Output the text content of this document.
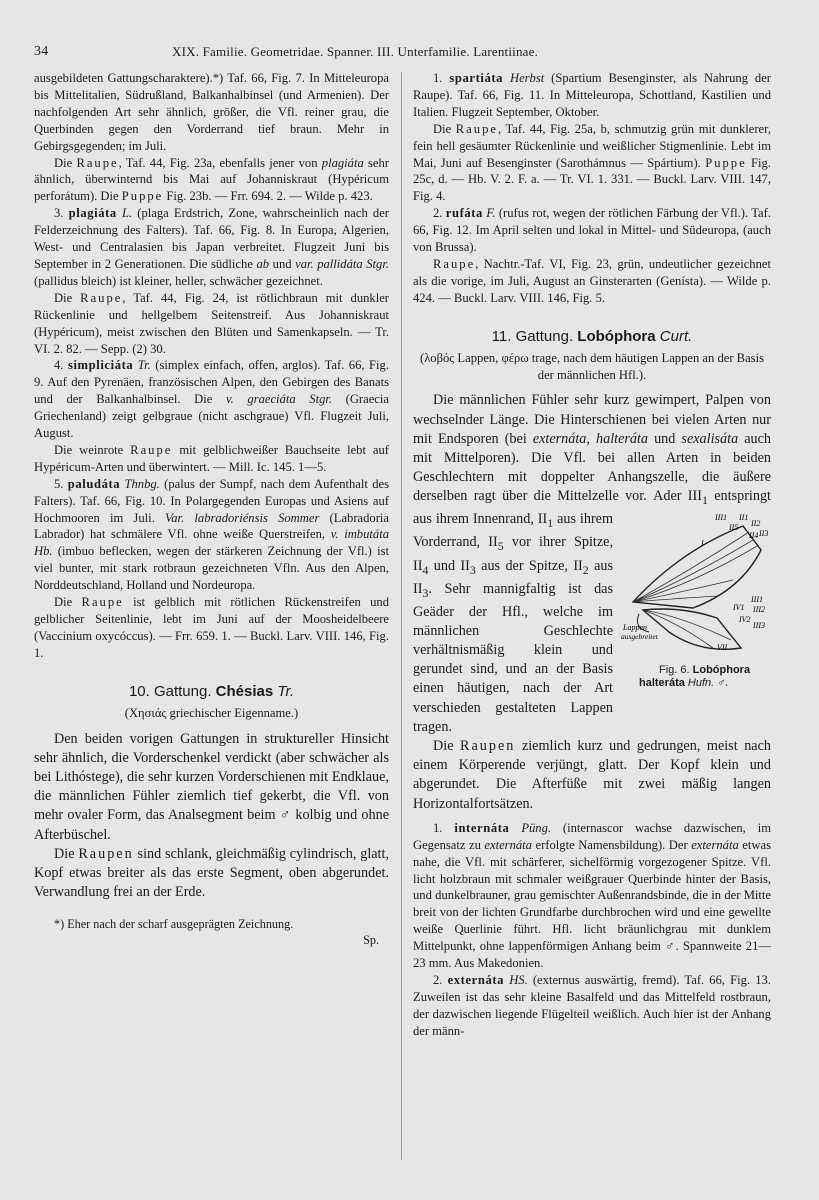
34	XIX. Familie. Geometridae. Spanner. III. Unterfamilie. Larentiinae.

ausgebildeten Gattungscharaktere).*) Taf. 66, Fig. 7. In Mitteleuropa bis Mittelitalien, Südrußland, Balkanhalbinsel (und Armenien). Der nachfolgenden Art sehr ähnlich, größer, die Vfl. reiner grau, die Querbinden gegen den Vorderrand tief braun. Mehr in Gebirgsgegenden; im Juli.

Die Raupe, Taf. 44, Fig. 23a, ebenfalls jener von plagiáta sehr ähnlich, überwinternd bis Mai auf Johanniskraut (Hypéricum perforátum). Die Puppe Fig. 23b. — Frr. 694. 2. — Wilde p. 423.

3. plagiáta L. (plaga Erdstrich, Zone, wahrscheinlich nach der Felderzeichnung des Falters). Taf. 66, Fig. 8. In Europa, Algerien, West- und Centralasien bis Japan verbreitet. Flugzeit Juni bis September in 2 Generationen. Die südliche ab und var. pallidáta Stgr. (pallidus bleich) ist kleiner, heller, schwächer gezeichnet.

Die Raupe, Taf. 44, Fig. 24, ist rötlichbraun mit dunkler Rückenlinie und hellgelbem Seitenstreif. Aus Johanniskraut (Hypéricum), meist zwischen den Blüten und Samenkapseln. — Tr. VI. 2. 82. — Sepp. (2) 30.

4. simpliciáta Tr. (simplex einfach, offen, arglos). Taf. 66, Fig. 9. Auf den Pyrenäen, französischen Alpen, den Gebirgen des Banats und der Balkanhalbinsel. Die v. graeciáta Stgr. (Graecia Griechenland) zeigt gelbgraue (nicht aschgraue) Vfl. Flugzeit Juli, August.

Die weinrote Raupe mit gelblichweißer Bauchseite lebt auf Hypéricum-Arten und überwintert. — Mill. Ic. 145. 1—5.

5. paludáta Thnbg. (palus der Sumpf, nach dem Aufenthalt des Falters). Taf. 66, Fig. 10. In Polargegenden Europas und Asiens auf Hochmooren im Juli. Var. labradoriénsis Sommer (Labradoria Labrador) hat schmälere Vfl. ohne weiße Querstreifen, v. imbutáta Hb. (imbuo beflecken, wegen der stärkeren Zeichnung der Vfl.) ist viel bunter, mit stark rotbraun gezeichneten Vfln. Aus den Alpen, Norddeutschland, Holland und Nordeuropa.

Die Raupe ist gelblich mit rötlichen Rückenstreifen und gelblicher Seitenlinie, lebt im Juni auf der Moosheidelbeere (Vaccinium oxycóccus). — Frr. 659. 1. — Buckl. Larv. VIII. 146, Fig. 1.

10. Gattung. Chésias Tr.
(Χησιάς griechischer Eigenname.)

Den beiden vorigen Gattungen in struktureller Hinsicht sehr ähnlich, die Vorderschenkel verdickt (aber schwächer als bei Lithóstege), die sehr kurzen Vorderschienen mit Endklaue, die männlichen Fühler ziemlich tief gekerbt, die Vfl. von mehr ovaler Form, das Analsegment beim ♂ kolbig und ohne Afterbüschel.

Die Raupen sind schlank, gleichmäßig cylindrisch, glatt, Kopf etwas breiter als das erste Segment, oben abgerundet. Verwandlung frei an der Erde.

*) Eher nach der scharf ausgeprägten Zeichnung.

Sp.

1. spartiáta Herbst (Spartium Besenginster, als Nahrung der Raupe). Taf. 66, Fig. 11. In Mitteleuropa, Schottland, Kastilien und Italien. Flugzeit September, Oktober.

Die Raupe, Taf. 44, Fig. 25a, b, schmutzig grün mit dunklerer, fein hell gesäumter Rückenlinie und weißlicher Stigmenlinie. Lebt im Mai, Juni auf Besenginster (Sarothámnus — Spártium). Puppe Fig. 25c, d. — Hb. V. 2. F. a. — Tr. VI. 1. 331. — Buckl. Larv. VIII. 147, Fig. 4.

2. rufáta F. (rufus rot, wegen der rötlichen Färbung der Vfl.). Taf. 66, Fig. 12. Im April selten und lokal in Mittel- und Südeuropa, (auch von Brussa).

Raupe, Nachtr.-Taf. VI, Fig. 23, grün, undeutlicher gezeichnet als die vorige, im Juli, August an Ginsterarten (Genísta). — Wilde p. 424. — Buckl. Larv. VIII. 146, Fig. 5.

11. Gattung. Lobóphora Curt.
(λοβός Lappen, φέρω trage, nach dem häutigen Lappen an der Basis der männlichen Hfl.).

Die männlichen Fühler sehr kurz gewimpert, Palpen von wechselnder Länge. Die Hinterschienen bei vielen Arten nur mit Endsporen (bei externáta, halteráta und sexalisáta auch mit Mittelporen). Die Vfl. bei allen Arten in beiden Geschlechtern mit doppelter Anhangszelle, die äußere derselben ragt über die Mittelzelle vor.
III1 II1
II2
II3
II4
II5
I
IV1
IV2
VII
III1
III2
III3
Lappen
ausgebreitet
Fig. 6. Lobóphora
halteráta Hufn. ♂.
Ader $III_1$ entspringt aus ihrem Innenrand, $II_1$ aus ihrem Vorderrand, $II_5$ vor ihrer Spitze, $II_4$ und $II_3$ aus der Spitze, $II_2$ aus $II_3$. Sehr mannigfaltig ist das Geäder der Hfl., welche im männlichen Geschlechte verhältnismäßig klein und gerundet sind, und an der Basis einen häutigen, nach der Art verschieden gestalteten Lappen tragen.

Die Raupen ziemlich kurz und gedrungen, meist nach einem Körperende verjüngt, glatt. Der Kopf klein und abgerundet. Die Afterfüße mit zwei mäßig langen Horizontalfortsätzen.

1. internáta Püng. (internascor wachse dazwischen, im Gegensatz zu externáta erfolgte Namensbildung). Der externáta etwas nahe, die Vfl. mit schärferer, sichelförmig vorgezogener Spitze. Vfl. licht holzbraun mit schmaler weißgrauer Querbinde hinter der Basis, und dunkelbrauner, grau gemischter Außenrandsbinde, die in der Mitte breit von der lichten Grundfarbe durchbrochen wird und eine gewellte weiße Querlinie führt. Hfl. licht bräunlichgrau mit dunklem Mittelpunkt, ohne lappenförmigen Anhang beim ♂. Spannweite 21—23 mm. Aus Makedonien.

2. externáta HS. (externus auswärtig, fremd). Taf. 66, Fig. 13. Zuweilen ist das sehr kleine Basalfeld und das Mittelfeld rostbraun, der dazwischen liegende Flügelteil weißlich. Auch hier ist der Anhang der männ-
